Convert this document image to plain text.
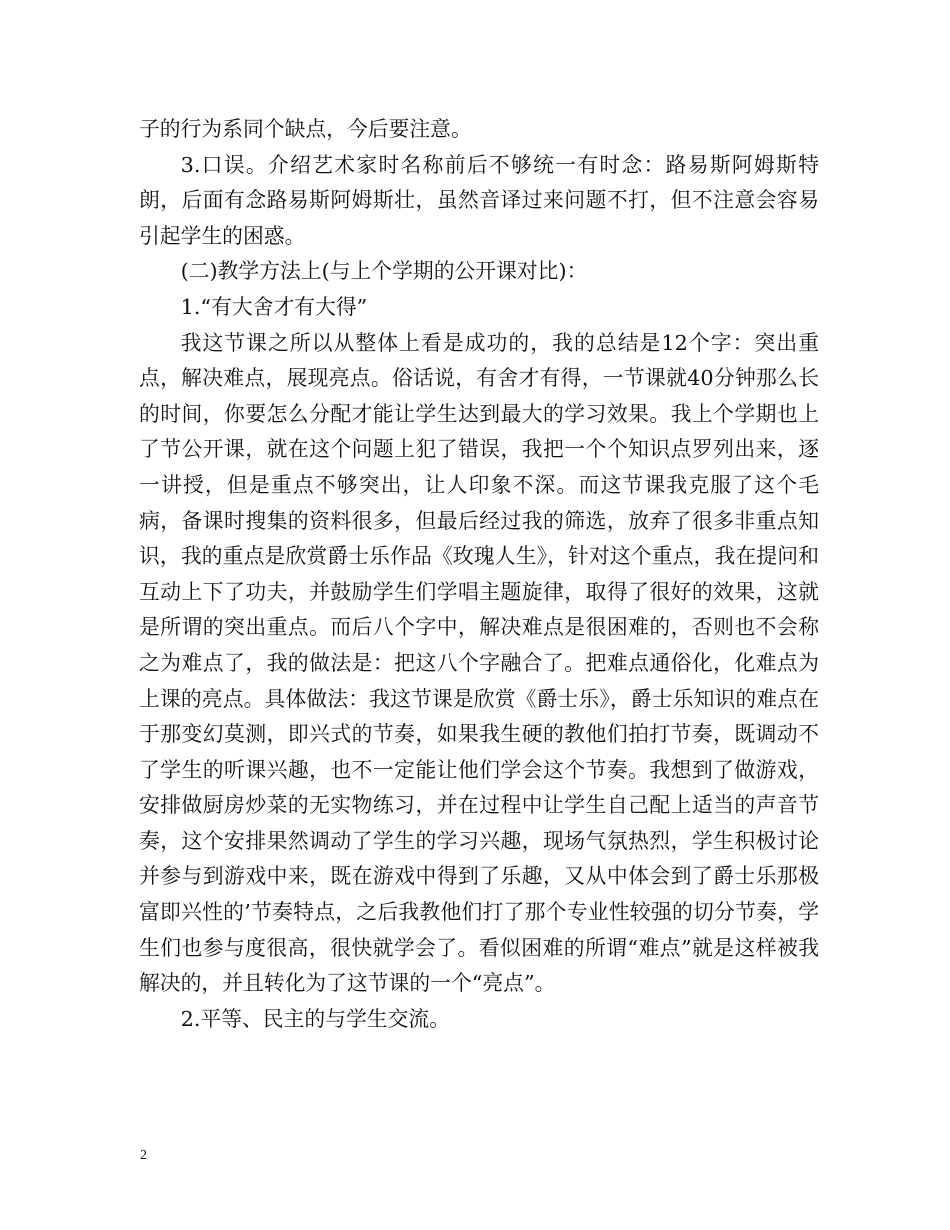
子的行为系同个缺点，今后要注意。

3.口误。介绍艺术家时名称前后不够统一有时念：路易斯阿姆斯特朗，后面有念路易斯阿姆斯壮，虽然音译过来问题不打，但不注意会容易引起学生的困惑。

(二)教学方法上(与上个学期的公开课对比)：

1.“有大舍才有大得”

我这节课之所以从整体上看是成功的，我的总结是12个字：突出重点，解决难点，展现亮点。俗话说，有舍才有得，一节课就40分钟那么长的时间，你要怎么分配才能让学生达到最大的学习效果。我上个学期也上了节公开课，就在这个问题上犯了错误，我把一个个知识点罗列出来，逐一讲授，但是重点不够突出，让人印象不深。而这节课我克服了这个毛病，备课时搜集的资料很多，但最后经过我的筛选，放弃了很多非重点知识，我的重点是欣赏爵士乐作品《玫瑰人生》，针对这个重点，我在提问和互动上下了功夫，并鼓励学生们学唱主题旋律，取得了很好的效果，这就是所谓的突出重点。而后八个字中，解决难点是很困难的，否则也不会称之为难点了，我的做法是：把这八个字融合了。把难点通俗化，化难点为上课的亮点。具体做法：我这节课是欣赏《爵士乐》，爵士乐知识的难点在于那变幻莫测，即兴式的节奏，如果我生硬的教他们拍打节奏，既调动不了学生的听课兴趣，也不一定能让他们学会这个节奏。我想到了做游戏，安排做厨房炒菜的无实物练习，并在过程中让学生自己配上适当的声音节奏，这个安排果然调动了学生的学习兴趣，现场气氛热烈，学生积极讨论并参与到游戏中来，既在游戏中得到了乐趣，又从中体会到了爵士乐那极富即兴性的’节奏特点，之后我教他们打了那个专业性较强的切分节奏，学生们也参与度很高，很快就学会了。看似困难的所谓“难点”就是这样被我解决的，并且转化为了这节课的一个“亮点”。

2.平等、民主的与学生交流。

2
